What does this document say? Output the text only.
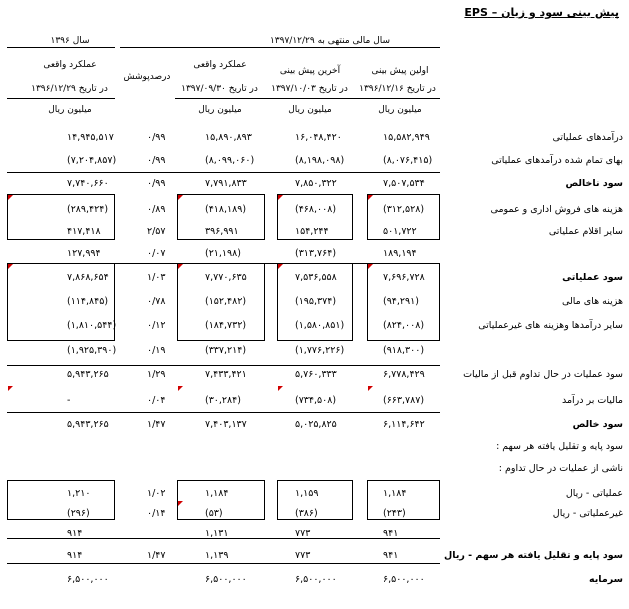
پیش بینی سود و زیان – EPS
سال مالی منتهی به ۱۳۹۷/۱۲/۲۹
سال ۱۳۹۶
اولین پیش بینی
در تاریخ ۱۳۹۶/۱۲/۱۶
آخرین پیش بینی
در تاریخ ۱۳۹۷/۱۰/۰۳
عملکرد واقعی
در تاریخ ۱۳۹۷/۰۹/۳۰
درصدپوشش
عملکرد واقعی
در تاریخ ۱۳۹۶/۱۲/۲۹
میلیون ریال
میلیون ریال
میلیون ریال
میلیون ریال
درآمدهای عملیاتی
۱۵,۵۸۲,۹۴۹
۱۶,۰۴۸,۴۲۰
۱۵,۸۹۰,۸۹۳
۰/۹۹
۱۴,۹۴۵,۵۱۷
بهای تمام شده درآمدهای عملیاتی
(۸,۰۷۶,۴۱۵)
(۸,۱۹۸,۰۹۸)
(۸,۰۹۹,۰۶۰)
۰/۹۹
(۷,۲۰۴,۸۵۷)
سود ناخالص
۷,۵۰۷,۵۳۴
۷,۸۵۰,۳۲۲
۷,۷۹۱,۸۳۳
۰/۹۹
۷,۷۴۰,۶۶۰
هزینه های فروش اداری و عمومی
(۳۱۲,۵۲۸)
(۴۶۸,۰۰۸)
(۴۱۸,۱۸۹)
۰/۸۹
(۲۸۹,۴۲۴)
سایر اقلام عملیاتی
۵۰۱,۷۲۲
۱۵۴,۲۴۴
۳۹۶,۹۹۱
۲/۵۷
۴۱۷,۴۱۸
۱۸۹,۱۹۴
(۳۱۳,۷۶۴)
(۲۱,۱۹۸)
۰/۰۷
۱۲۷,۹۹۴
سود عملیاتی
۷,۶۹۶,۷۲۸
۷,۵۳۶,۵۵۸
۷,۷۷۰,۶۳۵
۱/۰۳
۷,۸۶۸,۶۵۴
هزینه های مالی
(۹۴,۲۹۱)
(۱۹۵,۳۷۴)
(۱۵۲,۴۸۲)
۰/۷۸
(۱۱۴,۸۴۵)
سایر درآمدها وهزینه های غیرعملیاتی
(۸۲۴,۰۰۸)
(۱,۵۸۰,۸۵۱)
(۱۸۴,۷۳۲)
۰/۱۲
(۱,۸۱۰,۵۴۴)
(۹۱۸,۳۰۰)
(۱,۷۷۶,۲۲۶)
(۳۳۷,۲۱۴)
۰/۱۹
(۱,۹۲۵,۳۹۰)
سود عملیات در حال تداوم قبل از مالیات
۶,۷۷۸,۴۲۹
۵,۷۶۰,۳۳۳
۷,۴۳۳,۴۲۱
۱/۲۹
۵,۹۴۳,۲۶۵
مالیات بر درآمد
(۶۶۳,۷۸۷)
(۷۳۴,۵۰۸)
(۳۰,۲۸۴)
۰/۰۴
-
سود خالص
۶,۱۱۴,۶۴۲
۵,۰۲۵,۸۲۵
۷,۴۰۳,۱۳۷
۱/۴۷
۵,۹۴۳,۲۶۵
سود پایه و تقلیل یافته هر سهم :
ناشی از عملیات در حال تداوم :
عملیاتی - ریال
۱,۱۸۴
۱,۱۵۹
۱,۱۸۴
۱/۰۲
۱,۲۱۰
غیرعملیاتی - ریال
(۲۴۳)
(۳۸۶)
(۵۳)
۰/۱۴
(۲۹۶)
۹۴۱
۷۷۳
۱,۱۳۱
۹۱۴
سود پایه و تقلیل یافته هر سهم - ریال
۹۴۱
۷۷۳
۱,۱۳۹
۱/۴۷
۹۱۴
سرمایه
۶,۵۰۰,۰۰۰
۶,۵۰۰,۰۰۰
۶,۵۰۰,۰۰۰
۶,۵۰۰,۰۰۰
